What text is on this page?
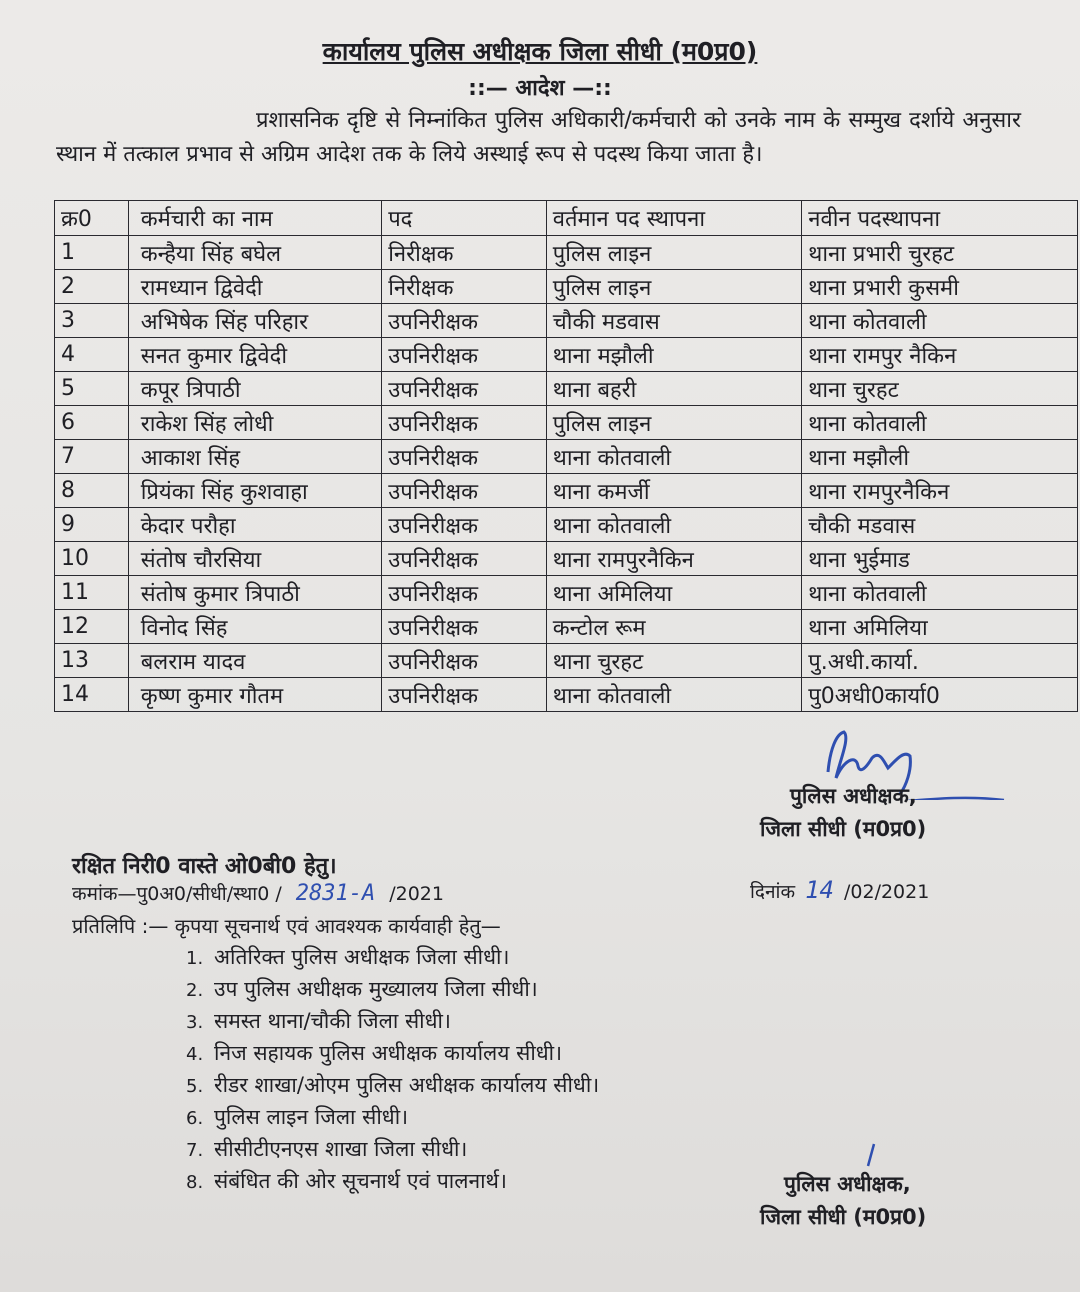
कार्यालय पुलिस अधीक्षक जिला सीधी (म0प्र0)
::— आदेश —::
प्रशासनिक दृष्टि से निम्नांकित पुलिस अधिकारी/कर्मचारी को उनके नाम के सम्मुख दर्शाये अनुसार स्थान में तत्काल प्रभाव से अग्रिम आदेश तक के लिये अस्थाई रूप से पदस्थ किया जाता है।
क्र0	कर्मचारी का नाम	पद	वर्तमान पद स्थापना	नवीन पदस्थापना
1	कन्हैया सिंह बघेल	निरीक्षक	पुलिस लाइन	थाना प्रभारी चुरहट
2	रामध्यान द्विवेदी	निरीक्षक	पुलिस लाइन	थाना प्रभारी कुसमी
3	अभिषेक सिंह परिहार	उपनिरीक्षक	चौकी मडवास	थाना कोतवाली
4	सनत कुमार द्विवेदी	उपनिरीक्षक	थाना मझौली	थाना रामपुर नैकिन
5	कपूर त्रिपाठी	उपनिरीक्षक	थाना बहरी	थाना चुरहट
6	राकेश सिंह लोधी	उपनिरीक्षक	पुलिस लाइन	थाना कोतवाली
7	आकाश सिंह	उपनिरीक्षक	थाना कोतवाली	थाना मझौली
8	प्रियंका सिंह कुशवाहा	उपनिरीक्षक	थाना कमर्जी	थाना रामपुरनैकिन
9	केदार परौहा	उपनिरीक्षक	थाना कोतवाली	चौकी मडवास
10	संतोष चौरसिया	उपनिरीक्षक	थाना रामपुरनैकिन	थाना भुईमाड
11	संतोष कुमार त्रिपाठी	उपनिरीक्षक	थाना अमिलिया	थाना कोतवाली
12	विनोद सिंह	उपनिरीक्षक	कन्टोल रूम	थाना अमिलिया
13	बलराम यादव	उपनिरीक्षक	थाना चुरहट	पु.अधी.कार्या.
14	कृष्ण कुमार गौतम	उपनिरीक्षक	थाना कोतवाली	पु0अधी0कार्या0
पुलिस अधीक्षक,
जिला सीधी (म0प्र0)
रक्षित निरी0 वास्ते ओ0बी0 हेतु।
कमांक—पु0अ0/सीधी/स्था0 / 2831-A /2021	दिनांक 14 /02/2021
प्रतिलिपि :— कृपया सूचनार्थ एवं आवश्यक कार्यवाही हेतु—
1. अतिरिक्त पुलिस अधीक्षक जिला सीधी।
2. उप पुलिस अधीक्षक मुख्यालय जिला सीधी।
3. समस्त थाना/चौकी जिला सीधी।
4. निज सहायक पुलिस अधीक्षक कार्यालय सीधी।
5. रीडर शाखा/ओएम पुलिस अधीक्षक कार्यालय सीधी।
6. पुलिस लाइन जिला सीधी।
7. सीसीटीएनएस शाखा जिला सीधी।
8. संबंधित की ओर सूचनार्थ एवं पालनार्थ।	पुलिस अधीक्षक,
जिला सीधी (म0प्र0)
